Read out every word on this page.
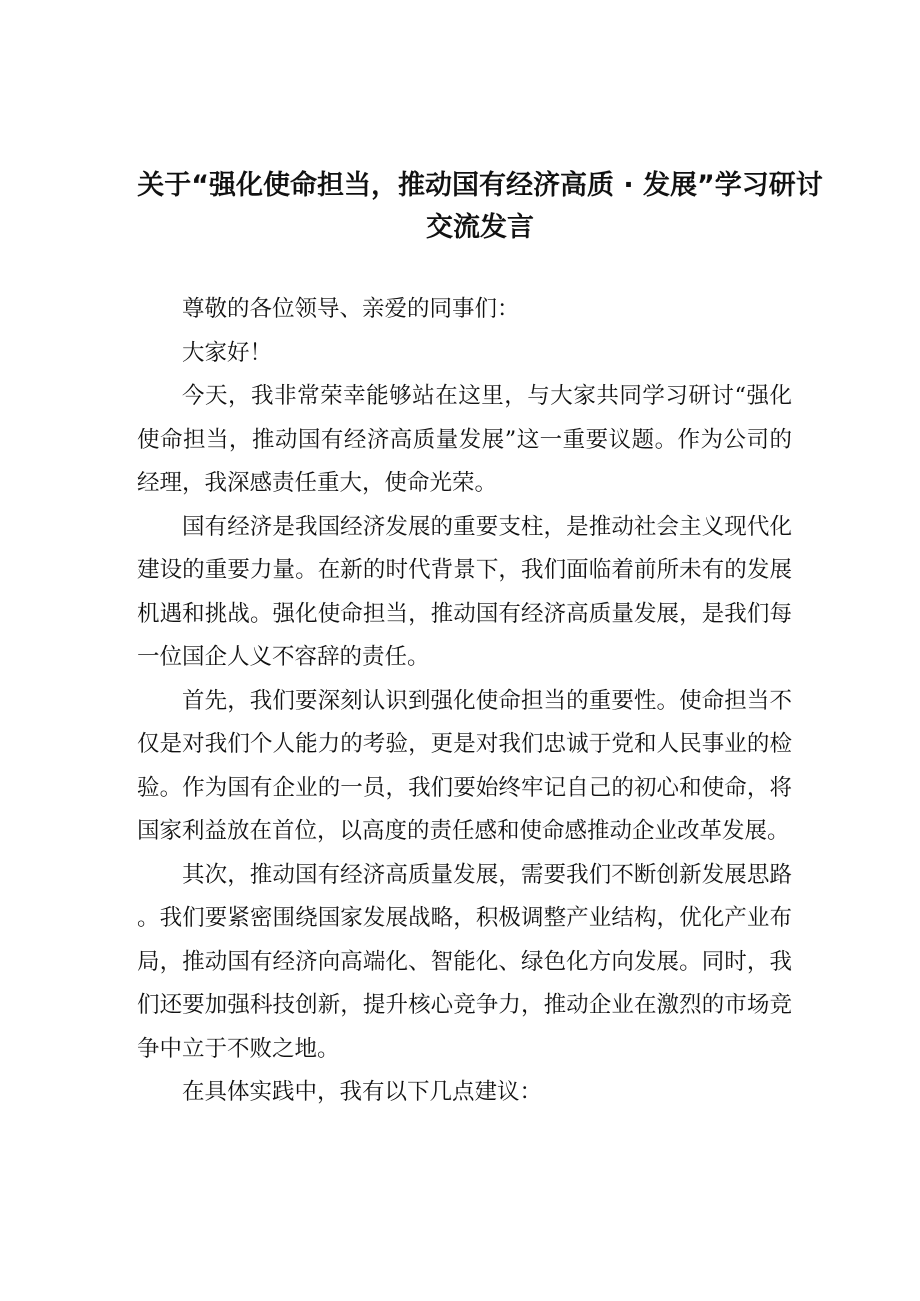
关于“强化使命担当，推动国有经济高质 · 发展”学习研讨
交流发言

尊敬的各位领导、亲爱的同事们：

大家好！

今天，我非常荣幸能够站在这里，与大家共同学习研讨“强化使命担当，推动国有经济高质量发展”这一重要议题。作为公司的经理，我深感责任重大，使命光荣。

国有经济是我国经济发展的重要支柱，是推动社会主义现代化建设的重要力量。在新的时代背景下，我们面临着前所未有的发展机遇和挑战。强化使命担当，推动国有经济高质量发展，是我们每一位国企人义不容辞的责任。

首先，我们要深刻认识到强化使命担当的重要性。使命担当不仅是对我们个人能力的考验，更是对我们忠诚于党和人民事业的检验。作为国有企业的一员，我们要始终牢记自己的初心和使命，将国家利益放在首位，以高度的责任感和使命感推动企业改革发展。

其次，推动国有经济高质量发展，需要我们不断创新发展思路。我们要紧密围绕国家发展战略，积极调整产业结构，优化产业布局，推动国有经济向高端化、智能化、绿色化方向发展。同时，我们还要加强科技创新，提升核心竞争力，推动企业在激烈的市场竞争中立于不败之地。

在具体实践中，我有以下几点建议：
